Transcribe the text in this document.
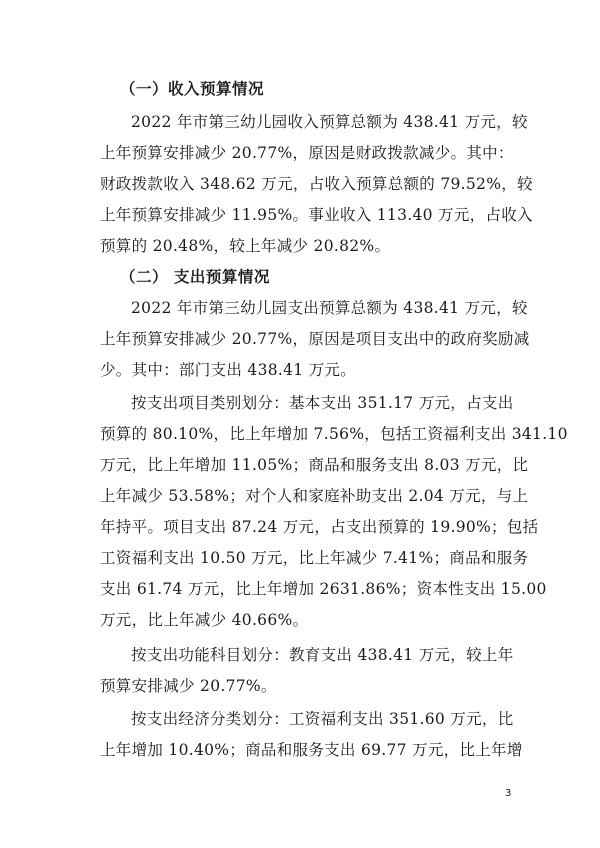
（一）收入预算情况
2022 年市第三幼儿园收入预算总额为 438.41 万元，较
上年预算安排减少 20.77%，原因是财政拨款减少。其中：
财政拨款收入 348.62 万元，占收入预算总额的 79.52%，较
上年预算安排减少 11.95%。事业收入 113.40 万元，占收入
预算的 20.48%，较上年减少 20.82%。
（二） 支出预算情况
2022 年市第三幼儿园支出预算总额为 438.41 万元，较
上年预算安排减少 20.77%，原因是项目支出中的政府奖励减
少。其中：部门支出 438.41 万元。
按支出项目类别划分：基本支出 351.17 万元，占支出
预算的 80.10%，比上年增加 7.56%，包括工资福利支出 341.10
万元，比上年增加 11.05%；商品和服务支出 8.03 万元，比
上年减少 53.58%；对个人和家庭补助支出 2.04 万元，与上
年持平。项目支出 87.24 万元，占支出预算的 19.90%；包括
工资福利支出 10.50 万元，比上年减少 7.41%；商品和服务
支出 61.74 万元，比上年增加 2631.86%；资本性支出 15.00
万元，比上年减少 40.66%。
按支出功能科目划分：教育支出 438.41 万元，较上年
预算安排减少 20.77%。
按支出经济分类划分：工资福利支出 351.60 万元，比
上年增加 10.40%；商品和服务支出 69.77 万元，比上年增
3
